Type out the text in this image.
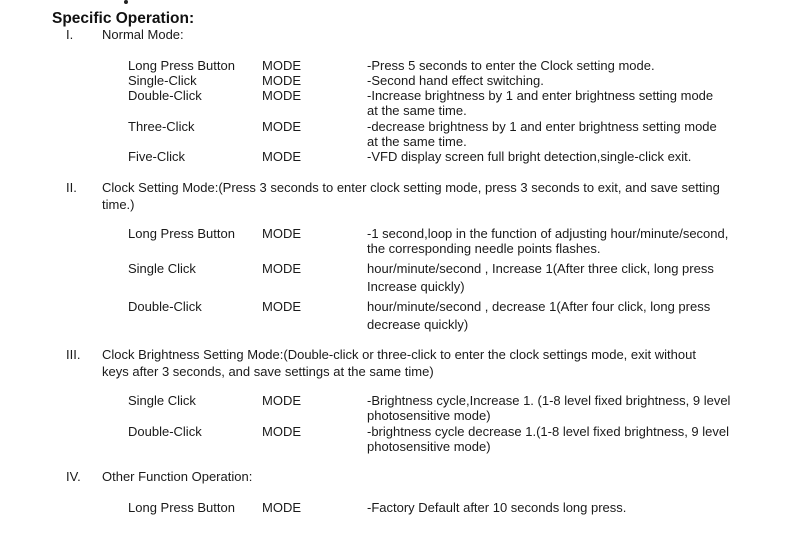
Specific Operation:
I. Normal Mode:
Long Press Button MODE	-Press 5 seconds to enter the Clock setting mode.
Single-Click	MODE	-Second hand effect switching.
Double-Click	MODE	-Increase brightness by 1 and enter brightness setting mode
at the same time.
Three-Click	MODE	-decrease brightness by 1 and enter brightness setting mode
at the same time.
Five-Click	MODE	-VFD display screen full bright detection,single-click exit.
II. Clock Setting Mode:(Press 3 seconds to enter clock setting mode, press 3 seconds to exit, and save setting
time.)
Long Press Button MODE	-1 second,loop in the function of adjusting hour/minute/second,
the corresponding needle points flashes.
Single Click	MODE	hour/minute/second , Increase 1(After three click, long press
Increase quickly)
Double-Click	MODE	hour/minute/second , decrease 1(After four click, long press
decrease quickly)
III. Clock Brightness Setting Mode:(Double-click or three-click to enter the clock settings mode, exit without
keys after 3 seconds, and save settings at the same time)
Single Click	MODE	-Brightness cycle,Increase 1. (1-8 level fixed brightness, 9 level
photosensitive mode)
Double-Click	MODE	-brightness cycle decrease 1.(1-8 level fixed brightness, 9 level
photosensitive mode)
IV. Other Function Operation:
Long Press Button MODE	-Factory Default after 10 seconds long press.
